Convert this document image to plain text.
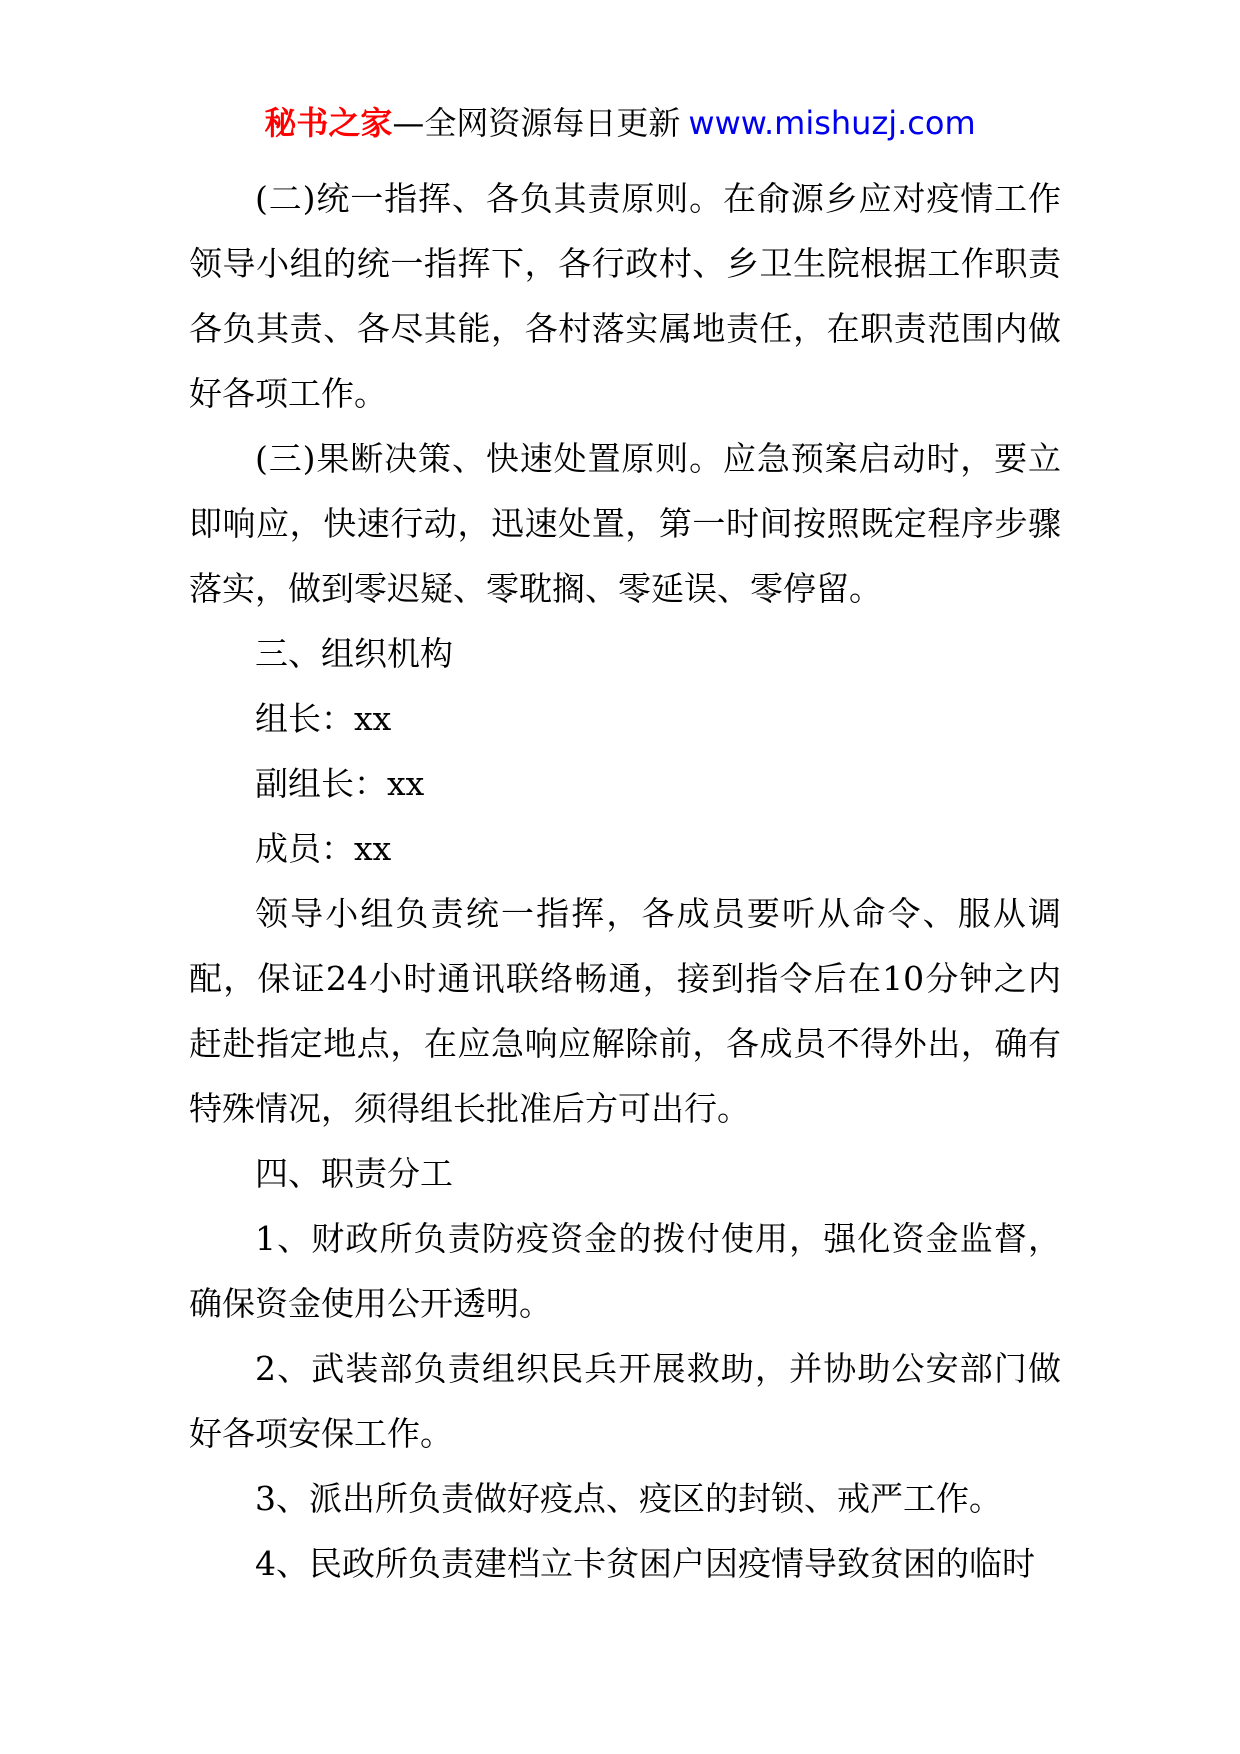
秘书之家—全网资源每日更新 www.mishuzj.com

(二)统一指挥、各负其责原则。在俞源乡应对疫情工作领导小组的统一指挥下，各行政村、乡卫生院根据工作职责各负其责、各尽其能，各村落实属地责任，在职责范围内做好各项工作。

(三)果断决策、快速处置原则。应急预案启动时，要立即响应，快速行动，迅速处置，第一时间按照既定程序步骤落实，做到零迟疑、零耽搁、零延误、零停留。

三、组织机构

组长：xx

副组长：xx

成员：xx

领导小组负责统一指挥，各成员要听从命令、服从调配，保证24小时通讯联络畅通，接到指令后在10分钟之内赶赴指定地点，在应急响应解除前，各成员不得外出，确有特殊情况，须得组长批准后方可出行。

四、职责分工

1、财政所负责防疫资金的拨付使用，强化资金监督，确保资金使用公开透明。

2、武装部负责组织民兵开展救助，并协助公安部门做好各项安保工作。

3、派出所负责做好疫点、疫区的封锁、戒严工作。

4、民政所负责建档立卡贫困户因疫情导致贫困的临时
